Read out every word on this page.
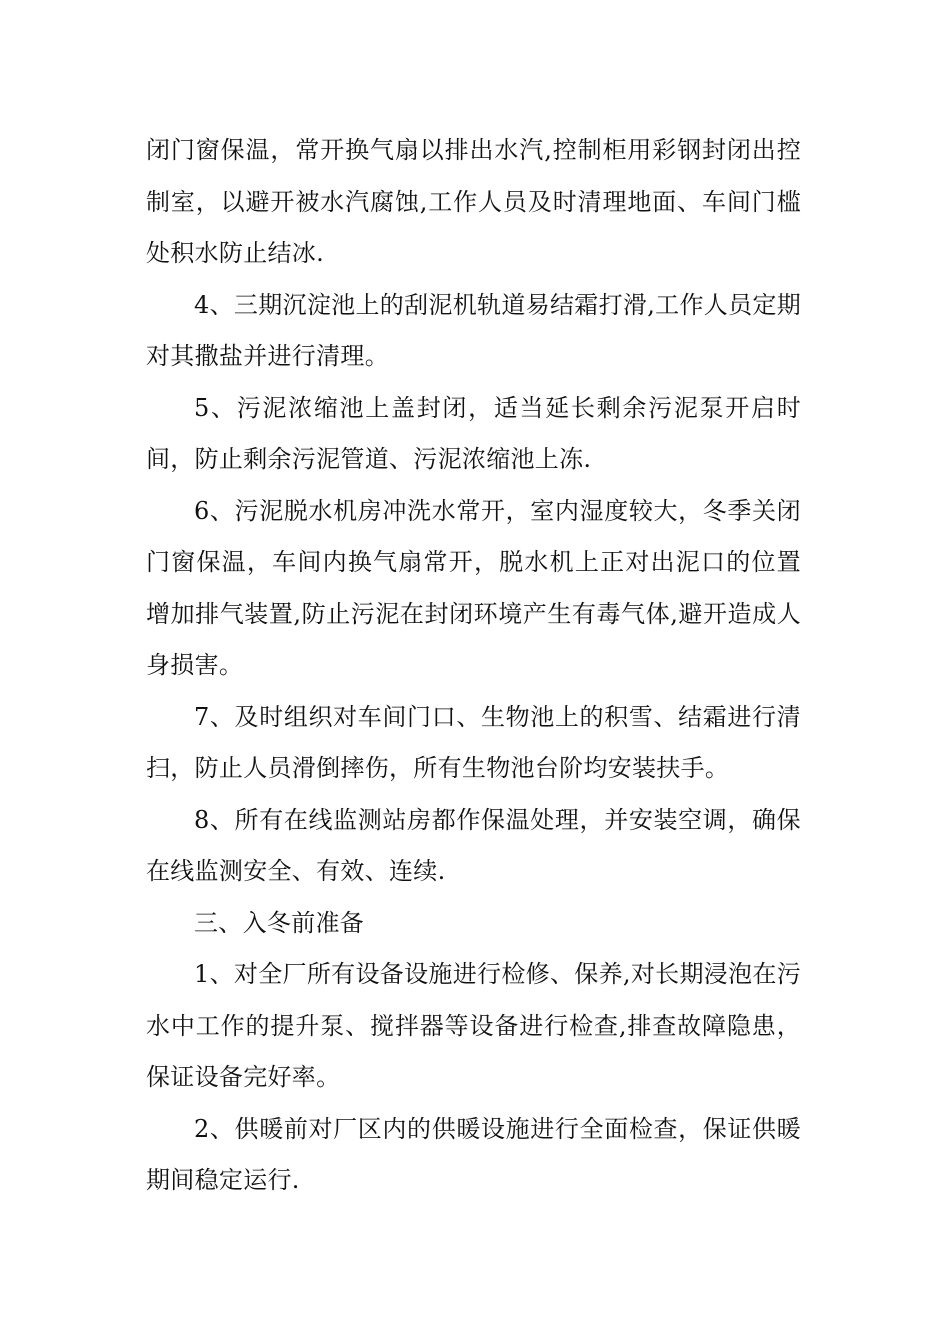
闭门窗保温，常开换气扇以排出水汽,控制柜用彩钢封闭出控制室，以避开被水汽腐蚀,工作人员及时清理地面、车间门槛处积水防止结冰.

4、三期沉淀池上的刮泥机轨道易结霜打滑,工作人员定期对其撒盐并进行清理。

5、污泥浓缩池上盖封闭，适当延长剩余污泥泵开启时间，防止剩余污泥管道、污泥浓缩池上冻.

6、污泥脱水机房冲洗水常开，室内湿度较大，冬季关闭门窗保温，车间内换气扇常开，脱水机上正对出泥口的位置增加排气装置,防止污泥在封闭环境产生有毒气体,避开造成人身损害。

7、及时组织对车间门口、生物池上的积雪、结霜进行清扫，防止人员滑倒摔伤，所有生物池台阶均安装扶手。

8、所有在线监测站房都作保温处理，并安装空调，确保在线监测安全、有效、连续.

三、入冬前准备

1、对全厂所有设备设施进行检修、保养,对长期浸泡在污水中工作的提升泵、搅拌器等设备进行检查,排查故障隐患，保证设备完好率。

2、供暖前对厂区内的供暖设施进行全面检查，保证供暖期间稳定运行.
